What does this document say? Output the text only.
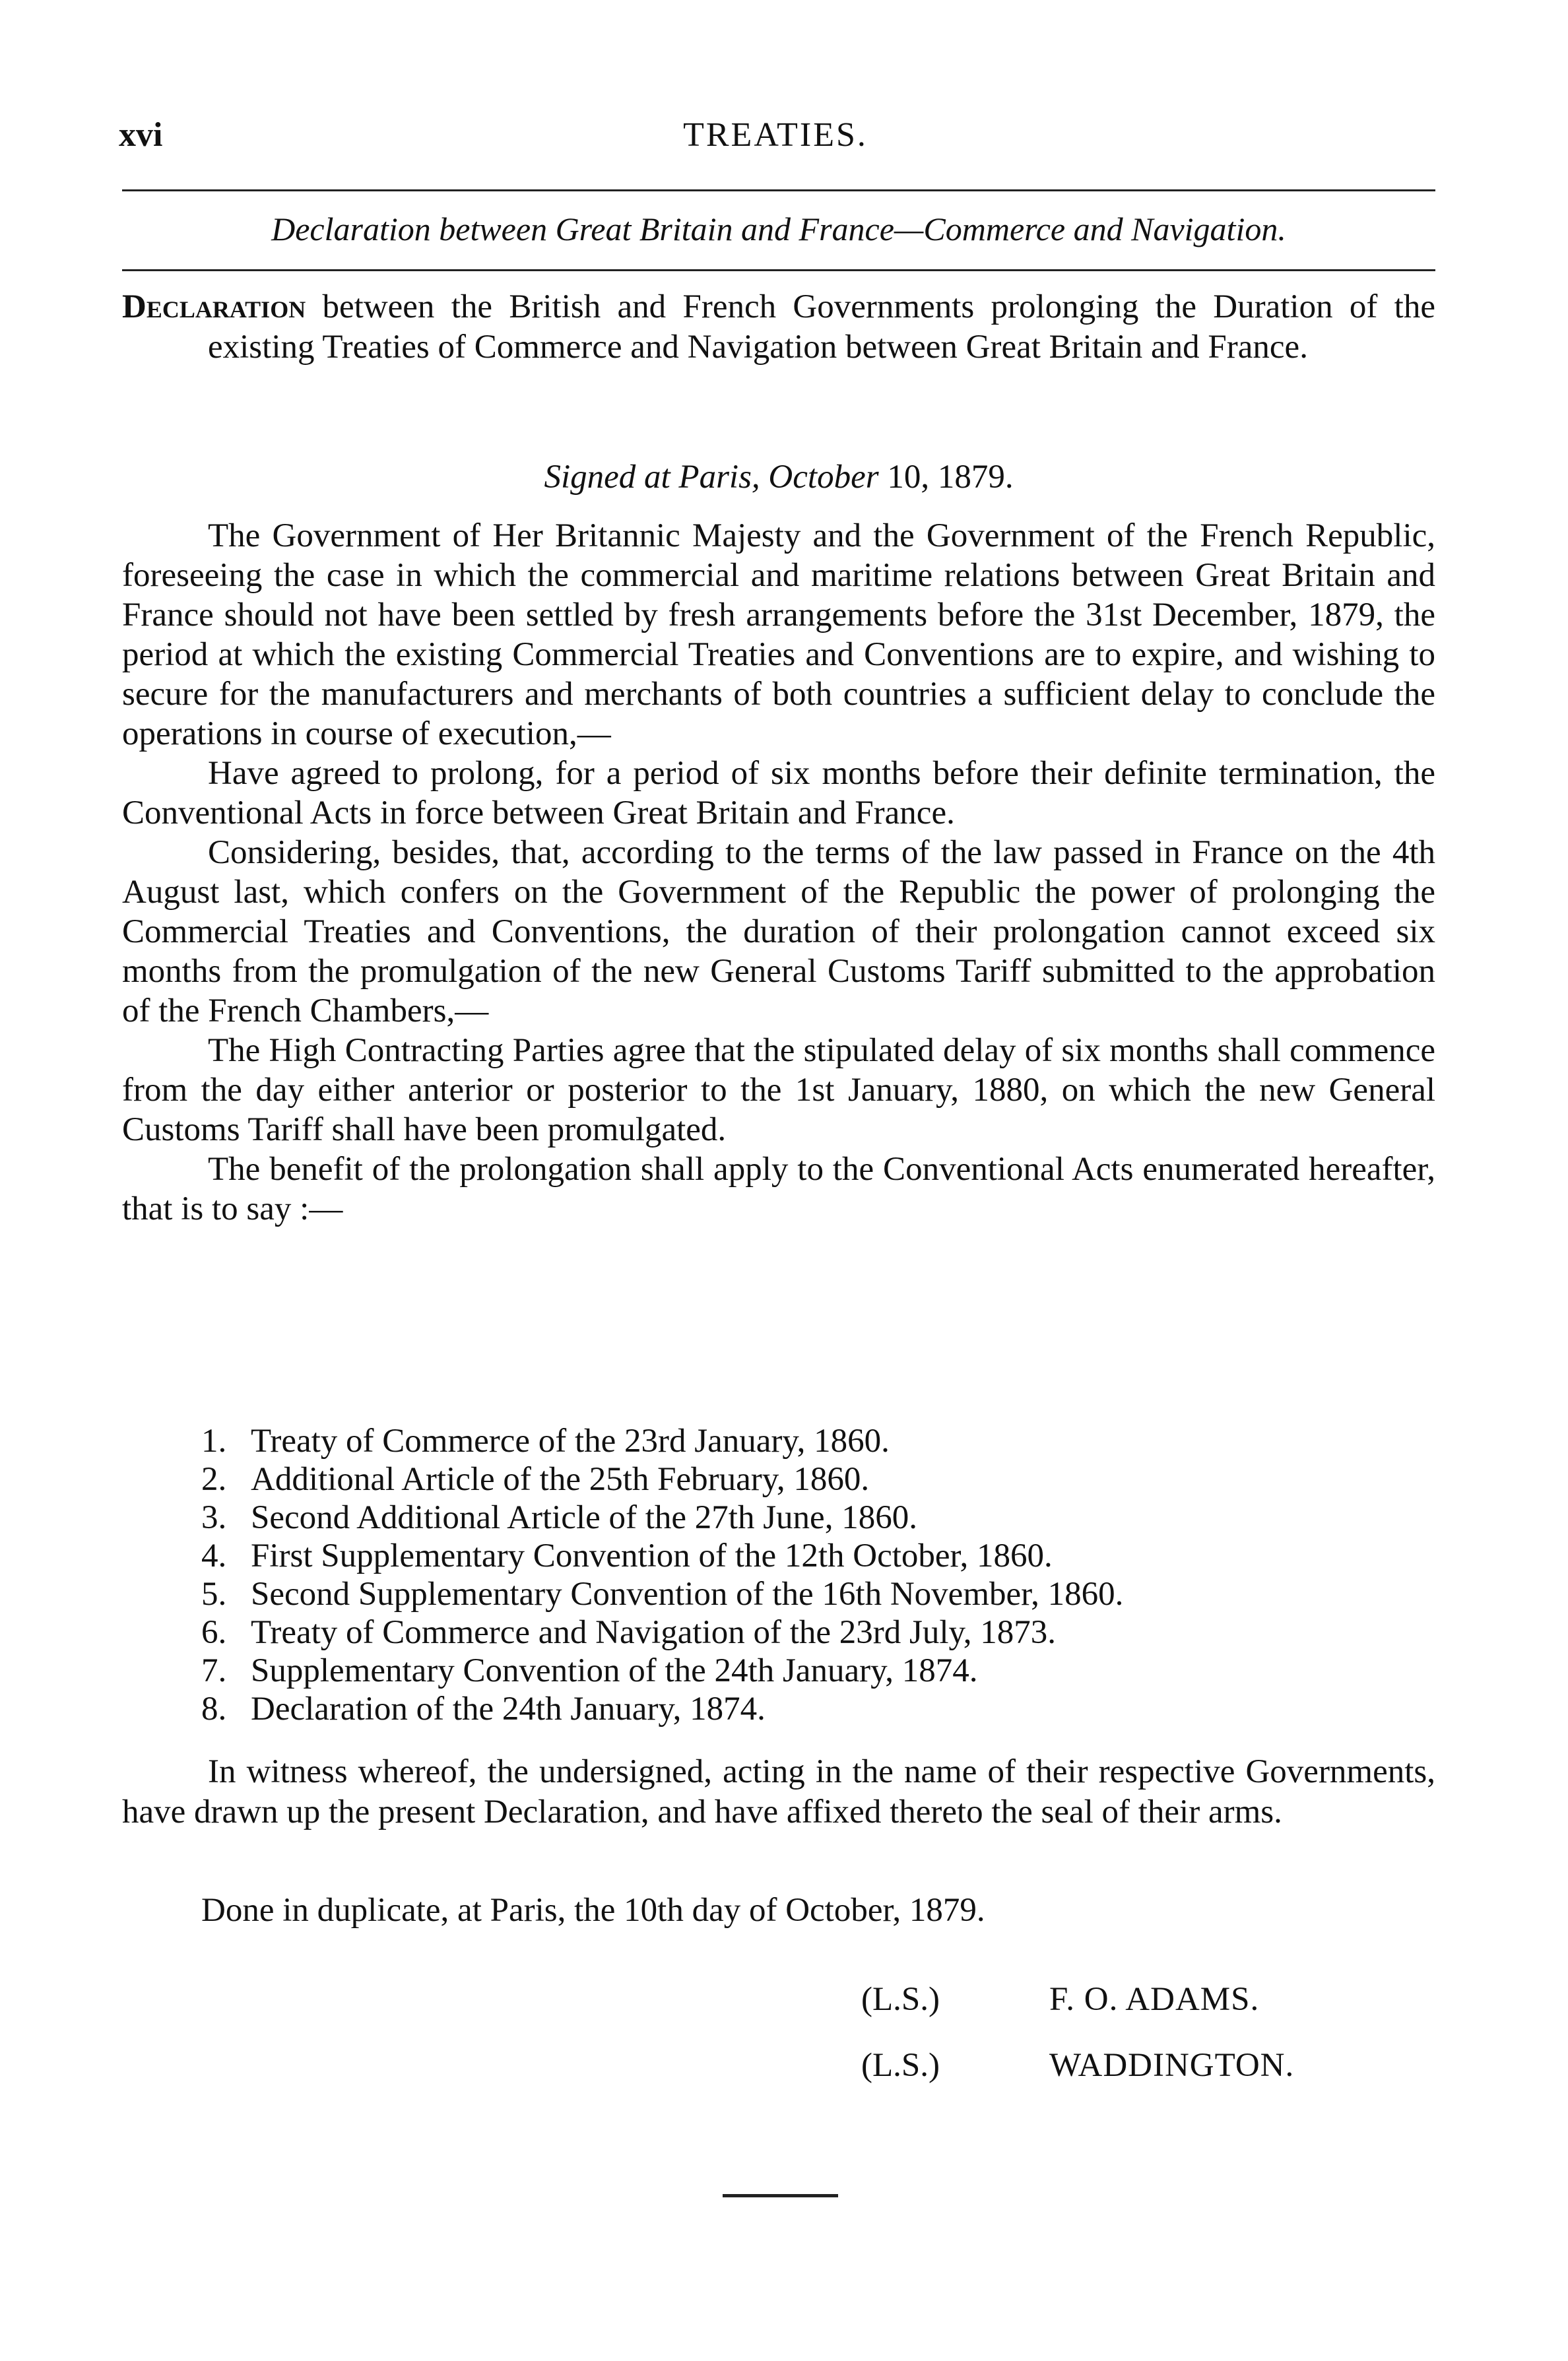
xvi	TREATIES.
Declaration between Great Britain and France—Commerce and Navigation.
Declaration between the British and French Governments prolonging the Duration of the existing Treaties of Commerce and Navigation between Great Britain and France.
Signed at Paris, October 10, 1879.

The Government of Her Britannic Majesty and the Government of the French Republic, foreseeing the case in which the commercial and maritime relations between Great Britain and France should not have been settled by fresh arrangements before the 31st December, 1879, the period at which the existing Commercial Treaties and Conventions are to expire, and wishing to secure for the manufacturers and merchants of both countries a sufficient delay to conclude the operations in course of execution,—

Have agreed to prolong, for a period of six months before their definite termination, the Conventional Acts in force between Great Britain and France.

Considering, besides, that, according to the terms of the law passed in France on the 4th August last, which confers on the Government of the Republic the power of prolonging the Commercial Treaties and Conventions, the duration of their prolongation cannot exceed six months from the promulgation of the new General Customs Tariff submitted to the approbation of the French Chambers,—

The High Contracting Parties agree that the stipulated delay of six months shall commence from the day either anterior or posterior to the 1st January, 1880, on which the new General Customs Tariff shall have been promulgated.

The benefit of the prolongation shall apply to the Conventional Acts enumerated hereafter, that is to say :—

1. Treaty of Commerce of the 23rd January, 1860.
2. Additional Article of the 25th February, 1860.
3. Second Additional Article of the 27th June, 1860.
4. First Supplementary Convention of the 12th October, 1860.
5. Second Supplementary Convention of the 16th November, 1860.
6. Treaty of Commerce and Navigation of the 23rd July, 1873.
7. Supplementary Convention of the 24th January, 1874.
8. Declaration of the 24th January, 1874.

In witness whereof, the undersigned, acting in the name of their respective Governments, have drawn up the present Declaration, and have affixed thereto the seal of their arms.

Done in duplicate, at Paris, the 10th day of October, 1879.
(L.S.)	F. O. ADAMS.
(L.S.)	WADDINGTON.
